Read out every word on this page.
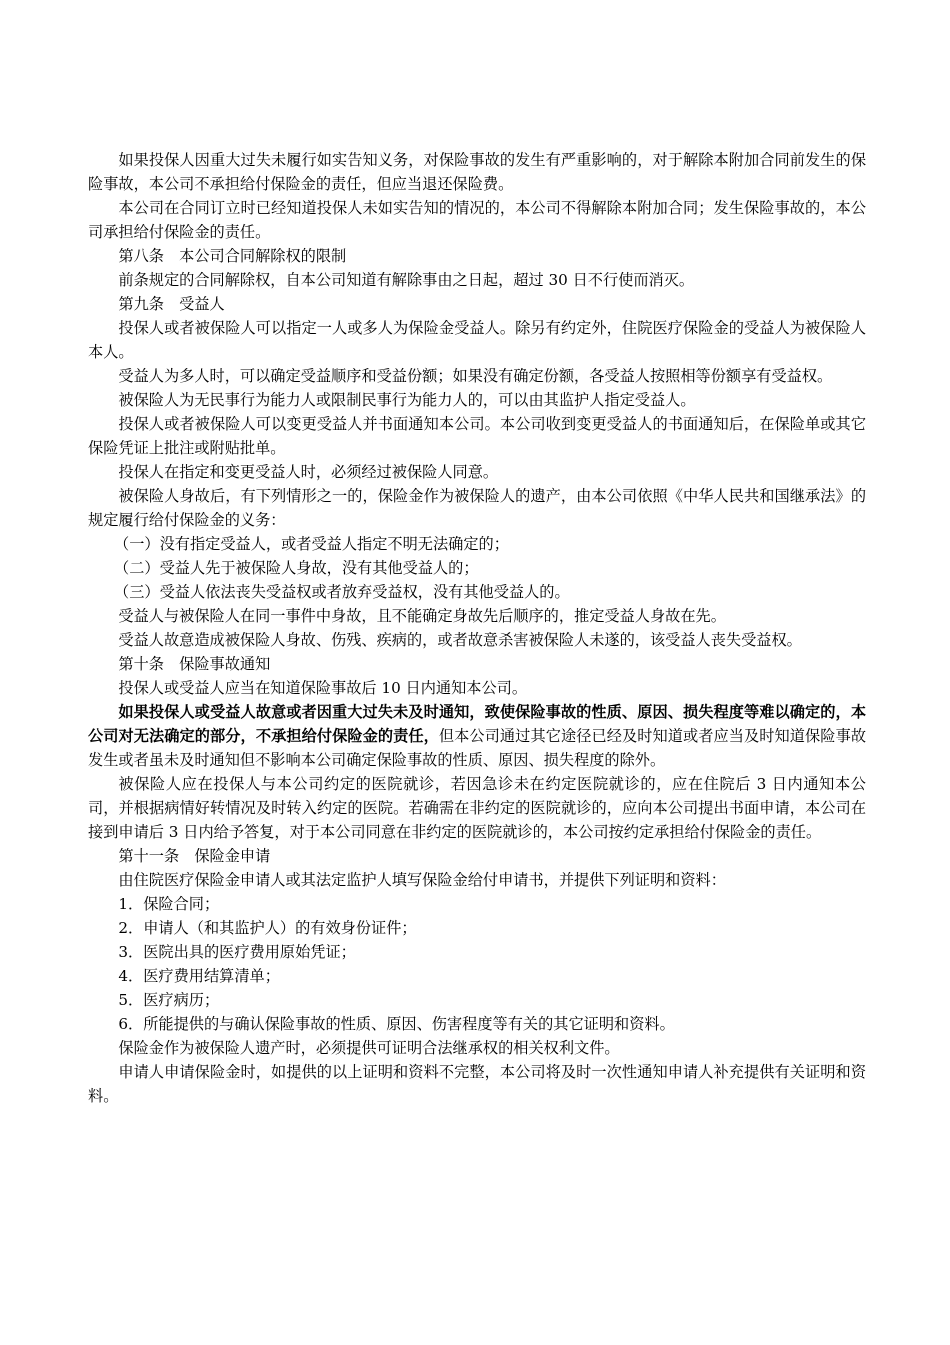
如果投保人因重大过失未履行如实告知义务，对保险事故的发生有严重影响的，对于解除本附加合同前发生的保险事故，本公司不承担给付保险金的责任，但应当退还保险费。

本公司在合同订立时已经知道投保人未如实告知的情况的，本公司不得解除本附加合同；发生保险事故的，本公司承担给付保险金的责任。

第八条　本公司合同解除权的限制

前条规定的合同解除权，自本公司知道有解除事由之日起，超过 30 日不行使而消灭。

第九条　受益人

投保人或者被保险人可以指定一人或多人为保险金受益人。除另有约定外，住院医疗保险金的受益人为被保险人本人。

受益人为多人时，可以确定受益顺序和受益份额；如果没有确定份额，各受益人按照相等份额享有受益权。

被保险人为无民事行为能力人或限制民事行为能力人的，可以由其监护人指定受益人。

投保人或者被保险人可以变更受益人并书面通知本公司。本公司收到变更受益人的书面通知后，在保险单或其它保险凭证上批注或附贴批单。

投保人在指定和变更受益人时，必须经过被保险人同意。

被保险人身故后，有下列情形之一的，保险金作为被保险人的遗产，由本公司依照《中华人民共和国继承法》的规定履行给付保险金的义务：

（一）没有指定受益人，或者受益人指定不明无法确定的；

（二）受益人先于被保险人身故，没有其他受益人的；

（三）受益人依法丧失受益权或者放弃受益权，没有其他受益人的。

受益人与被保险人在同一事件中身故，且不能确定身故先后顺序的，推定受益人身故在先。

受益人故意造成被保险人身故、伤残、疾病的，或者故意杀害被保险人未遂的，该受益人丧失受益权。

第十条　保险事故通知

投保人或受益人应当在知道保险事故后 10 日内通知本公司。

如果投保人或受益人故意或者因重大过失未及时通知，致使保险事故的性质、原因、损失程度等难以确定的，本公司对无法确定的部分，不承担给付保险金的责任，但本公司通过其它途径已经及时知道或者应当及时知道保险事故发生或者虽未及时通知但不影响本公司确定保险事故的性质、原因、损失程度的除外。

被保险人应在投保人与本公司约定的医院就诊，若因急诊未在约定医院就诊的，应在住院后 3 日内通知本公司，并根据病情好转情况及时转入约定的医院。若确需在非约定的医院就诊的，应向本公司提出书面申请，本公司在接到申请后 3 日内给予答复，对于本公司同意在非约定的医院就诊的，本公司按约定承担给付保险金的责任。

第十一条　保险金申请

由住院医疗保险金申请人或其法定监护人填写保险金给付申请书，并提供下列证明和资料：

1．保险合同；

2．申请人（和其监护人）的有效身份证件；

3．医院出具的医疗费用原始凭证；

4．医疗费用结算清单；

5．医疗病历；

6．所能提供的与确认保险事故的性质、原因、伤害程度等有关的其它证明和资料。

保险金作为被保险人遗产时，必须提供可证明合法继承权的相关权利文件。

申请人申请保险金时，如提供的以上证明和资料不完整，本公司将及时一次性通知申请人补充提供有关证明和资料。
